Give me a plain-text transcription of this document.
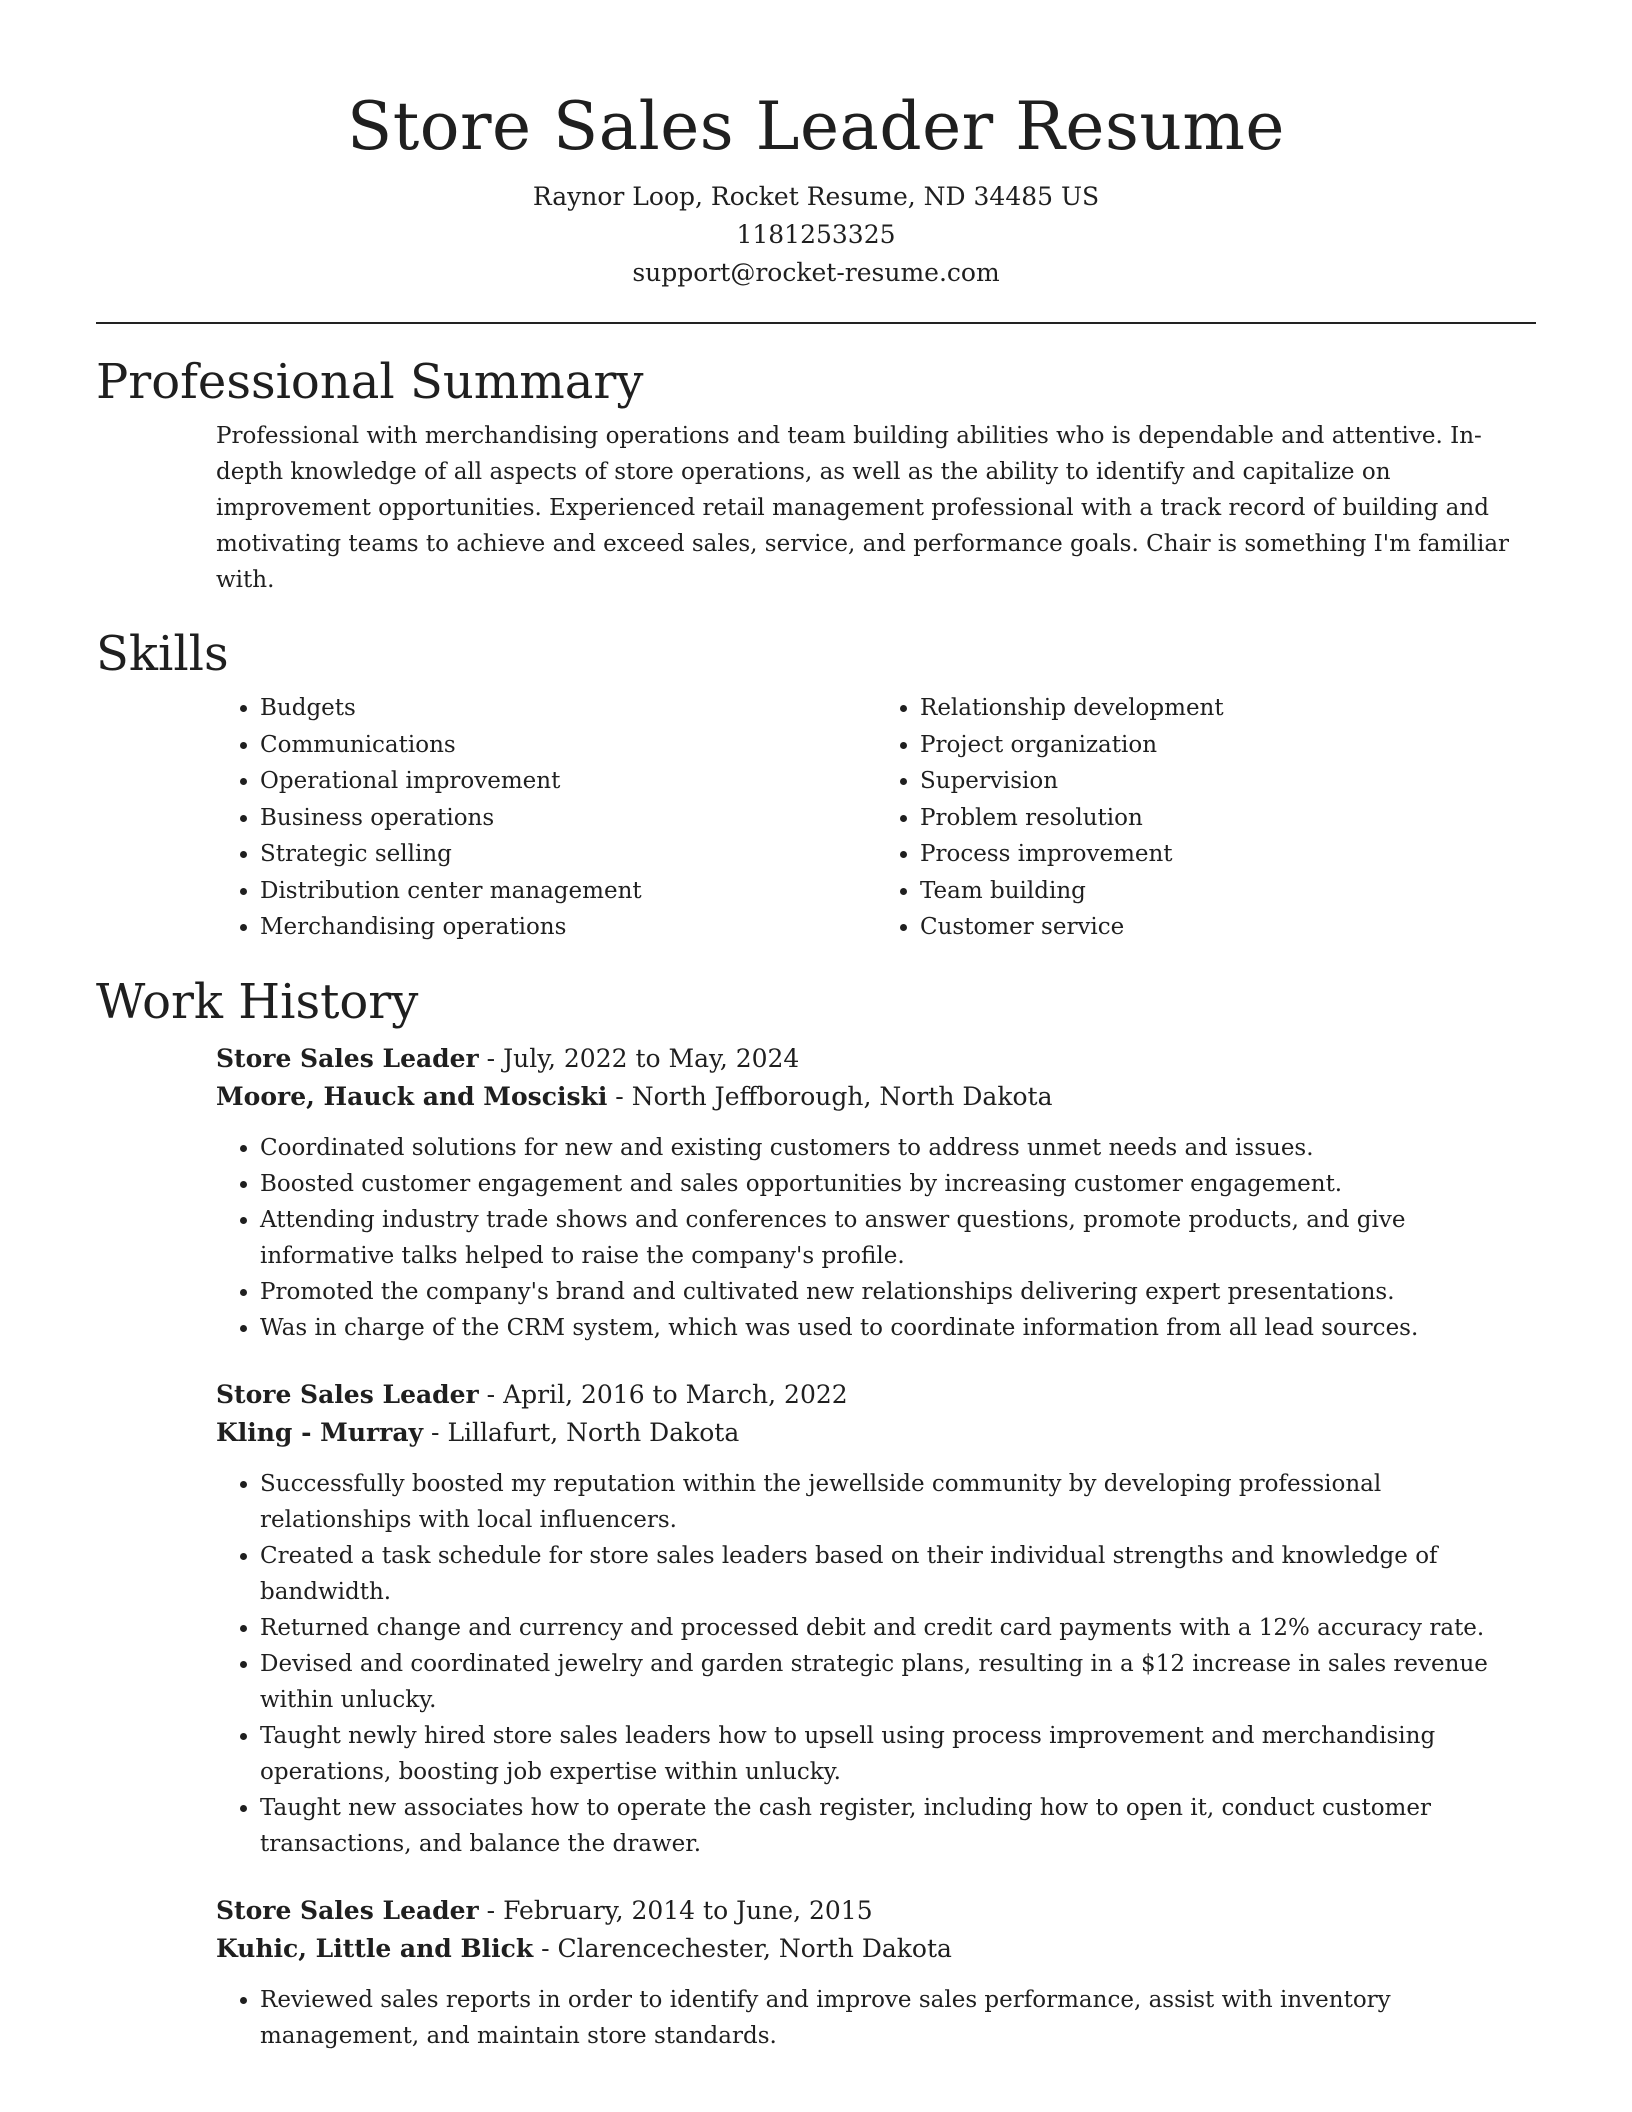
Store Sales Leader Resume
Raynor Loop, Rocket Resume, ND 34485 US
1181253325
support@rocket-resume.com
Professional Summary

Professional with merchandising operations and team building abilities who is dependable and attentive. In-depth knowledge of all aspects of store operations, as well as the ability to identify and capitalize on improvement opportunities. Experienced retail management professional with a track record of building and motivating teams to achieve and exceed sales, service, and performance goals. Chair is something I'm familiar with.

Skills
• Budgets
• Communications
• Operational improvement
• Business operations
• Strategic selling
• Distribution center management
• Merchandising operations
• Relationship development
• Project organization
• Supervision
• Problem resolution
• Process improvement
• Team building
• Customer service
Work History
Store Sales Leader - July, 2022 to May, 2024
Moore, Hauck and Mosciski - North Jeffborough, North Dakota
• Coordinated solutions for new and existing customers to address unmet needs and issues.
• Boosted customer engagement and sales opportunities by increasing customer engagement.
• Attending industry trade shows and conferences to answer questions, promote products, and give informative talks helped to raise the company's profile.
• Promoted the company's brand and cultivated new relationships delivering expert presentations.
• Was in charge of the CRM system, which was used to coordinate information from all lead sources.
Store Sales Leader - April, 2016 to March, 2022
Kling - Murray - Lillafurt, North Dakota
• Successfully boosted my reputation within the jewellside community by developing professional relationships with local influencers.
• Created a task schedule for store sales leaders based on their individual strengths and knowledge of bandwidth.
• Returned change and currency and processed debit and credit card payments with a 12% accuracy rate.
• Devised and coordinated jewelry and garden strategic plans, resulting in a $12 increase in sales revenue within unlucky.
• Taught newly hired store sales leaders how to upsell using process improvement and merchandising operations, boosting job expertise within unlucky.
• Taught new associates how to operate the cash register, including how to open it, conduct customer transactions, and balance the drawer.
Store Sales Leader - February, 2014 to June, 2015
Kuhic, Little and Blick - Clarencechester, North Dakota
• Reviewed sales reports in order to identify and improve sales performance, assist with inventory management, and maintain store standards.
